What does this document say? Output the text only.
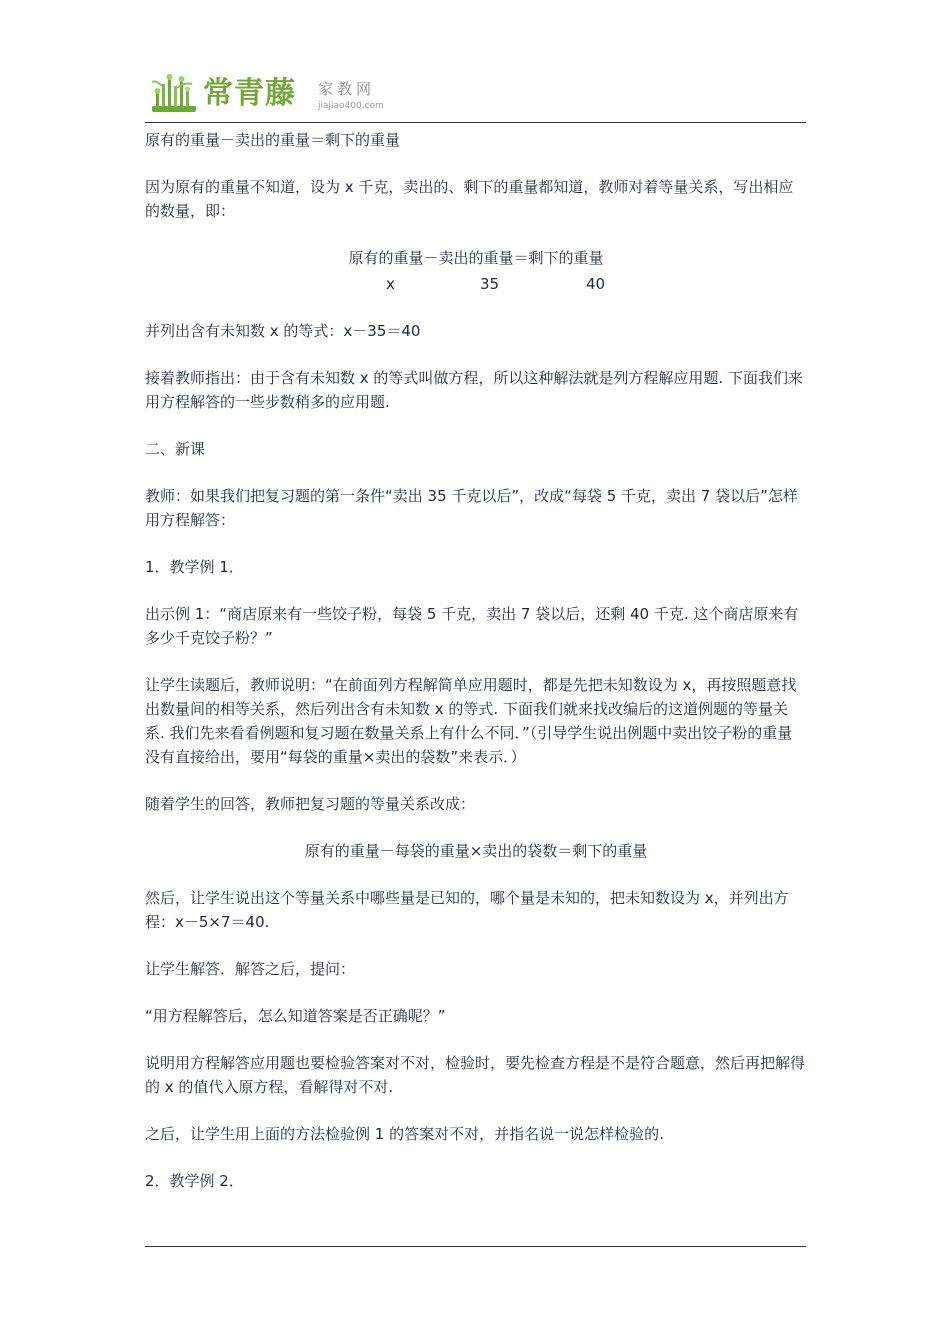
常青藤 家教网
jiajiao400.com

原有的重量－卖出的重量＝剩下的重量

因为原有的重量不知道，设为 x 千克，卖出的、剩下的重量都知道，教师对着等量关系，写出相应的数量，即：

原有的重量－卖出的重量＝剩下的重量

x	35	40

并列出含有未知数 x 的等式：x－35＝40

接着教师指出：由于含有未知数 x 的等式叫做方程，所以这种解法就是列方程解应用题. 下面我们来用方程解答的一些步数稍多的应用题.

二、新课

教师：如果我们把复习题的第一条件“卖出 35 千克以后”，改成“每袋 5 千克，卖出 7 袋以后”怎样用方程解答：

1．教学例 1．

出示例 1：“商店原来有一些饺子粉，每袋 5 千克，卖出 7 袋以后，还剩 40 千克. 这个商店原来有多少千克饺子粉？”

让学生读题后，教师说明：“在前面列方程解简单应用题时，都是先把未知数设为 x，再按照题意找出数量间的相等关系，然后列出含有未知数 x 的等式. 下面我们就来找改编后的这道例题的等量关系. 我们先来看看例题和复习题在数量关系上有什么不同．”（引导学生说出例题中卖出饺子粉的重量没有直接给出，要用“每袋的重量×卖出的袋数”来表示．）

随着学生的回答，教师把复习题的等量关系改成：

原有的重量－每袋的重量×卖出的袋数＝剩下的重量

然后，让学生说出这个等量关系中哪些量是已知的，哪个量是未知的，把未知数设为 x，并列出方程：x－5×7＝40.

让学生解答．解答之后，提问：

“用方程解答后，怎么知道答案是否正确呢？”

说明用方程解答应用题也要检验答案对不对，检验时，要先检查方程是不是符合题意，然后再把解得的 x 的值代入原方程，看解得对不对.

之后，让学生用上面的方法检验例 1 的答案对不对，并指名说一说怎样检验的.

2．教学例 2．
